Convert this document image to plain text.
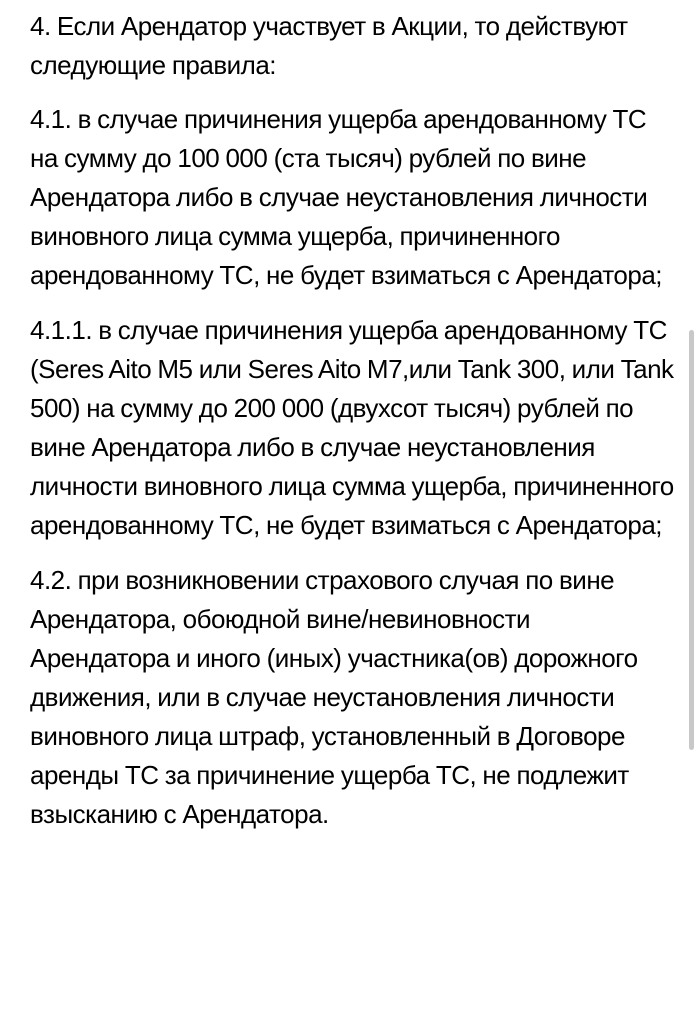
4. Если Арендатор участвует в Акции, то действуют следующие правила:

4.1. в случае причинения ущерба арендованному ТС на сумму до 100 000 (ста тысяч) рублей по вине Арендатора либо в случае неустановления личности виновного лица сумма ущерба, причиненного арендованному ТС, не будет взиматься с Арендатора;

4.1.1. в случае причинения ущерба арендованному ТС (Seres Aito M5 или Seres Aito M7,или Tank 300, или Tank 500) на сумму до 200 000 (двухсот тысяч) рублей по вине Арендатора либо в случае неустановления личности виновного лица сумма ущерба, причиненного арендованному ТС, не будет взиматься с Арендатора;

4.2. при возникновении страхового случая по вине Арендатора, обоюдной вине/невиновности Арендатора и иного (иных) участника(ов) дорожного движения, или в случае неустановления личности виновного лица штраф, установленный в Договоре аренды ТС за причинение ущерба ТС, не подлежит взысканию с Арендатора.
